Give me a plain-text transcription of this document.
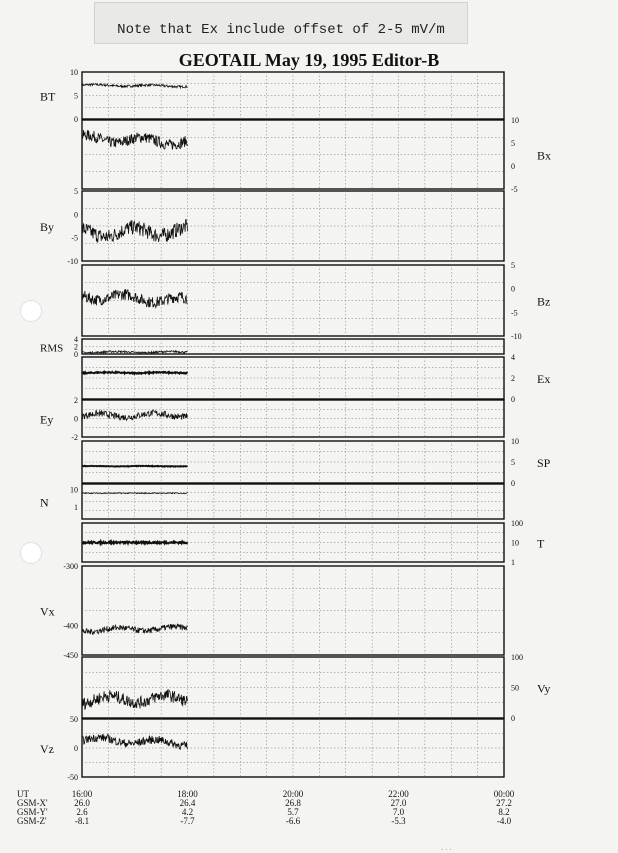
Note that Ex include offset of 2-5 mV/m
GEOTAIL May 19, 1995 Editor-B
10
5
0
BT
10
5
0
-5
Bx
5
0
-5
-10
By
5
0
-5
-10
Bz
4
2
0
RMS
4
2
0
Ex
2
0
-2
Ey
10
5
0
SP
10
1
N
100
10
1
T
-300
-400
-450
Vx
100
50
0
Vy
50
0
-50
Vz
UT
GSM-X'
GSM-Y'
GSM-Z'
16:00
26.0
2.6
-8.1
18:00
26.4
4.2
-7.7
20:00
26.8
5.7
-6.6
22:00
27.0
7.0
-5.3
00:00
27.2
8.2
-4.0
...
